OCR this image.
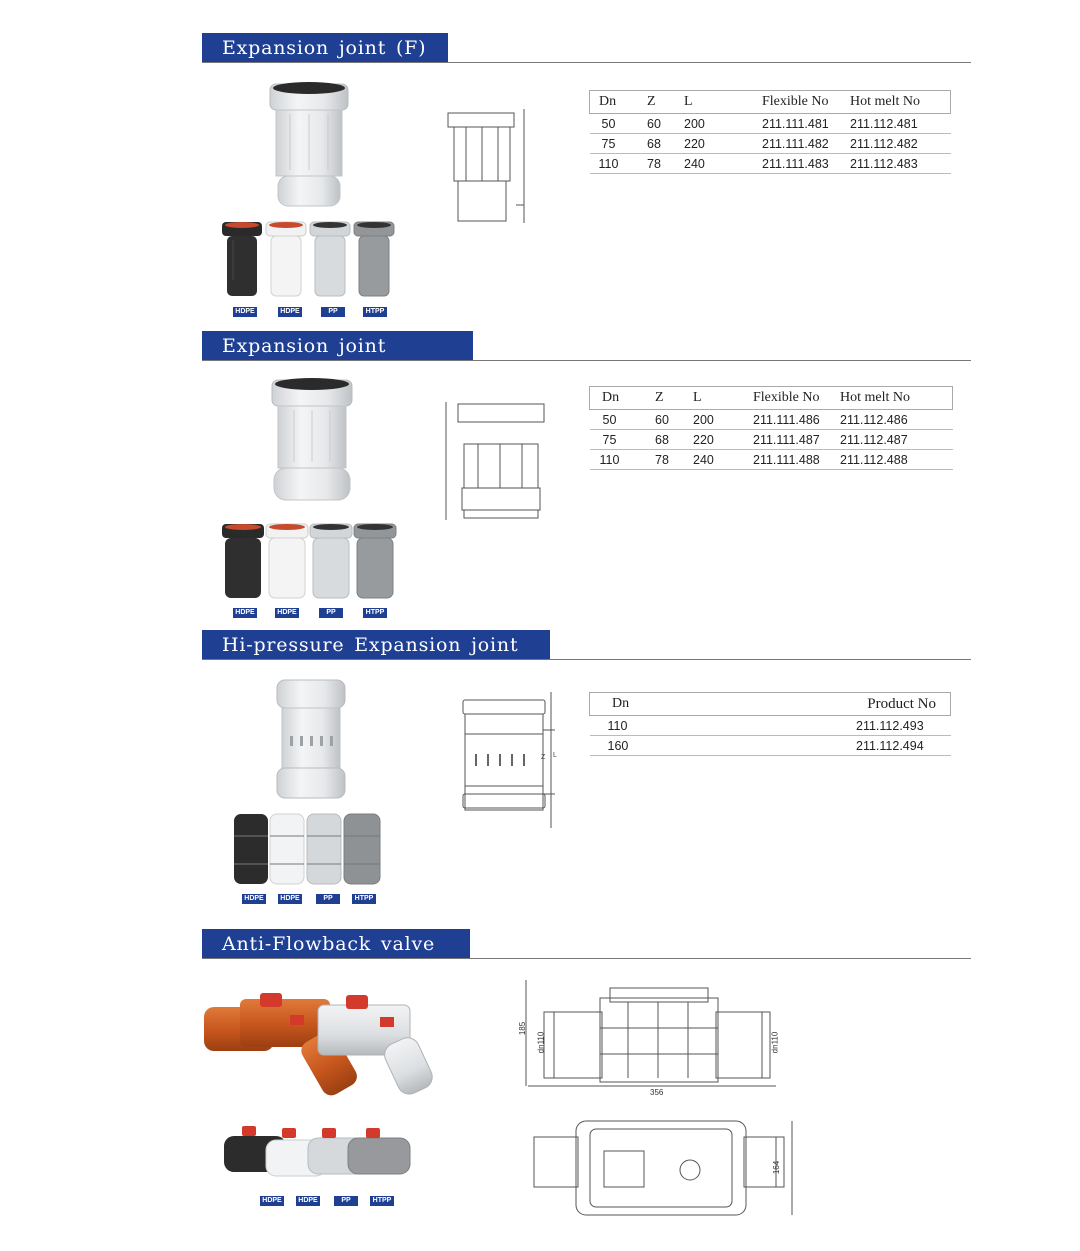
Expansion joint (F)
HDPE	HDPE	PP	HTPP
Dn	Z	L	Flexible No	Hot melt No
50	60	200	211.111.481	211.112.481
75	68	220	211.111.482	211.112.482
110	78	240	211.111.483	211.112.483
Expansion joint
HDPE	HDPE	PP	HTPP
Dn	Z	L	Flexible No	Hot melt No
50	60	200	211.111.486	211.112.486
75	68	220	211.111.487	211.112.487
110	78	240	211.111.488	211.112.488
Hi-pressure Expansion joint
HDPE	HDPE	PP	HTPP
Z L
Dn	Product No
110	211.112.493
160	211.112.494
Anti-Flowback valve
HDPE	HDPE	PP	HTPP
185
dn110	dn110
356
164
